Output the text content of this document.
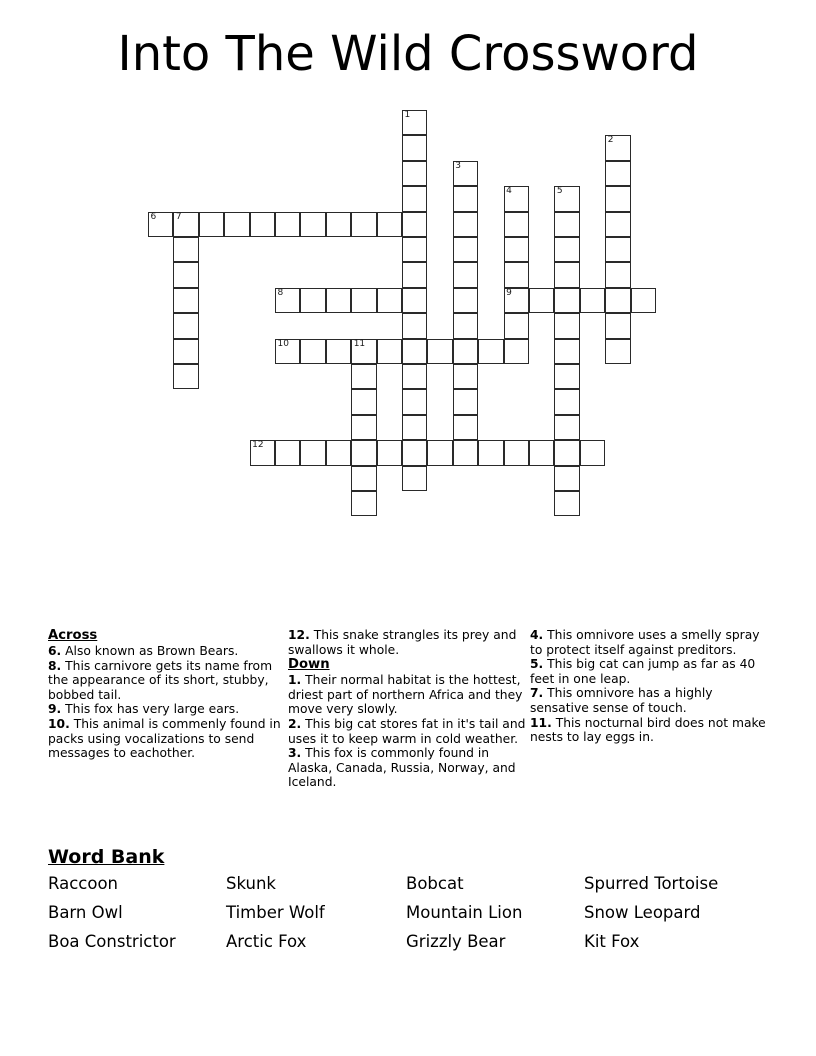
Into The Wild Crossword
1
2
3
4	5
6 7
8	9
10	11
12
Across
6. Also known as Brown Bears.
8. This carnivore gets its name from the appearance of its short, stubby, bobbed tail.
9. This fox has very large ears.
10. This animal is commenly found in packs using vocalizations to send messages to eachother.
12. This snake strangles its prey and swallows it whole.
Down
1. Their normal habitat is the hottest, driest part of northern Africa and they move very slowly.
2. This big cat stores fat in it's tail and uses it to keep warm in cold weather.
3. This fox is commonly found in Alaska, Canada, Russia, Norway, and Iceland.
4. This omnivore uses a smelly spray to protect itself against preditors.
5. This big cat can jump as far as 40 feet in one leap.
7. This omnivore has a highly sensative sense of touch.
11. This nocturnal bird does not make nests to lay eggs in.
Word Bank
Raccoon	Skunk	Bobcat	Spurred Tortoise
Barn Owl	Timber Wolf	Mountain Lion	Snow Leopard
Boa Constrictor	Arctic Fox	Grizzly Bear	Kit Fox
